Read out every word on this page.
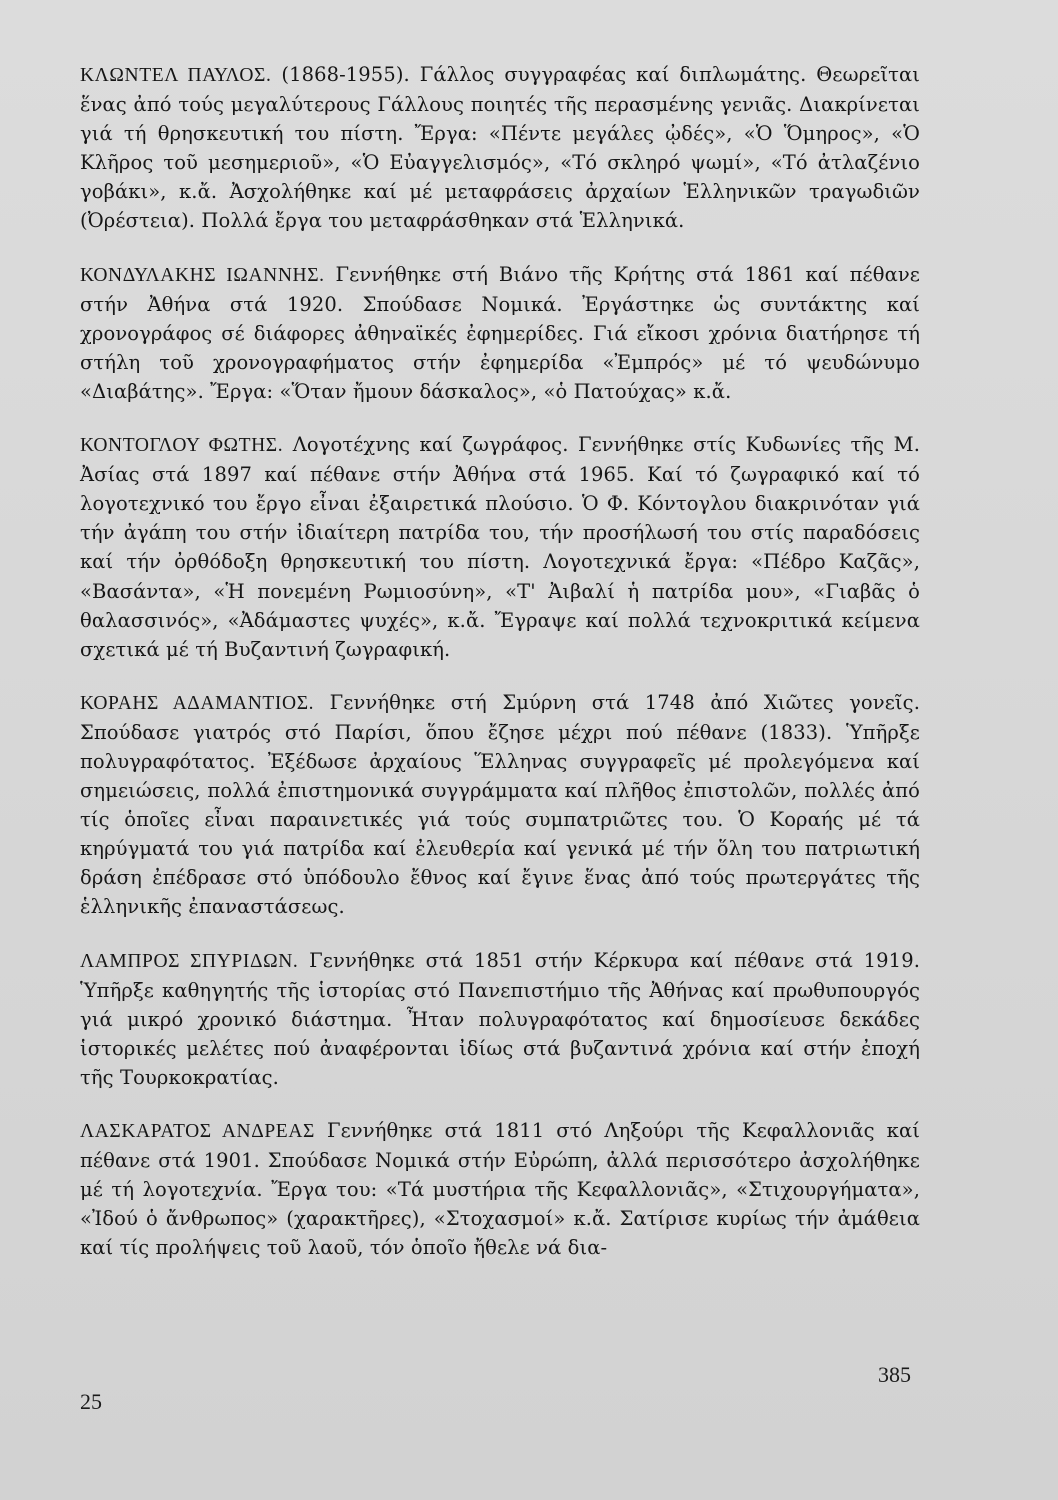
ΚΛΩΝΤΕΛ ΠΑΥΛΟΣ. (1868-1955). Γάλλος συγγραφέας καί διπλωμάτης. Θεωρεῖται ἕνας ἀπό τούς μεγαλύτερους Γάλλους ποιητές τῆς περασμένης γενιᾶς. Διακρίνεται γιά τή θρησκευτική του πίστη. Ἔργα: «Πέντε μεγάλες ᾠδές», «Ὁ Ὅμηρος», «Ὁ Κλῆρος τοῦ μεσημεριοῦ», «Ὁ Εὐαγγελισμός», «Τό σκληρό ψωμί», «Τό ἀτλαζένιο γοβάκι», κ.ἄ. Ἀσχολήθηκε καί μέ μεταφράσεις ἀρχαίων Ἑλληνικῶν τραγωδιῶν (Ὀρέστεια). Πολλά ἔργα του μεταφράσθηκαν στά Ἑλληνικά.

ΚΟΝΔΥΛΑΚΗΣ ΙΩΑΝΝΗΣ. Γεννήθηκε στή Βιάνο τῆς Κρήτης στά 1861 καί πέθανε στήν Ἀθήνα στά 1920. Σπούδασε Νομικά. Ἐργάστηκε ὡς συντάκτης καί χρονογράφος σέ διάφορες ἀθηναϊκές ἐφημερίδες. Γιά εἴκοσι χρόνια διατήρησε τή στήλη τοῦ χρονογραφήματος στήν ἐφημερίδα «Ἐμπρός» μέ τό ψευδώνυμο «Διαβάτης». Ἔργα: «Ὅταν ἤμουν δάσκαλος», «ὁ Πατούχας» κ.ἄ.

ΚΟΝΤΟΓΛΟΥ ΦΩΤΗΣ. Λογοτέχνης καί ζωγράφος. Γεννήθηκε στίς Κυδωνίες τῆς Μ. Ἀσίας στά 1897 καί πέθανε στήν Ἀθήνα στά 1965. Καί τό ζωγραφικό καί τό λογοτεχνικό του ἔργο εἶναι ἐξαιρετικά πλούσιο. Ὁ Φ. Κόντογλου διακρινόταν γιά τήν ἀγάπη του στήν ἰδιαίτερη πατρίδα του, τήν προσήλωσή του στίς παραδόσεις καί τήν ὀρθόδοξη θρησκευτική του πίστη. Λογοτεχνικά ἔργα: «Πέδρο Καζᾶς», «Βασάντα», «Ἡ πονεμένη Ρωμιοσύνη», «Τ' Ἀιβαλί ἡ πατρίδα μου», «Γιαβᾶς ὁ θαλασσινός», «Ἀδάμαστες ψυχές», κ.ἄ. Ἔγραψε καί πολλά τεχνοκριτικά κείμενα σχετικά μέ τή Βυζαντινή ζωγραφική.

ΚΟΡΑΗΣ ΑΔΑΜΑΝΤΙΟΣ. Γεννήθηκε στή Σμύρνη στά 1748 ἀπό Χιῶτες γονεῖς. Σπούδασε γιατρός στό Παρίσι, ὅπου ἔζησε μέχρι πού πέθανε (1833). Ὑπῆρξε πολυγραφότατος. Ἐξέδωσε ἀρχαίους Ἕλληνας συγγραφεῖς μέ προλεγόμενα καί σημειώσεις, πολλά ἐπιστημονικά συγγράμματα καί πλῆθος ἐπιστολῶν, πολλές ἀπό τίς ὁποῖες εἶναι παραινετικές γιά τούς συμπατριῶτες του. Ὁ Κοραής μέ τά κηρύγματά του γιά πατρίδα καί ἐλευθερία καί γενικά μέ τήν ὅλη του πατριωτική δράση ἐπέδρασε στό ὑπόδουλο ἔθνος καί ἔγινε ἕνας ἀπό τούς πρωτεργάτες τῆς ἑλληνικῆς ἐπαναστάσεως.

ΛΑΜΠΡΟΣ ΣΠΥΡΙΔΩΝ. Γεννήθηκε στά 1851 στήν Κέρκυρα καί πέθανε στά 1919. Ὑπῆρξε καθηγητής τῆς ἱστορίας στό Πανεπιστήμιο τῆς Ἀθήνας καί πρωθυπουργός γιά μικρό χρονικό διάστημα. Ἦταν πολυγραφότατος καί δημοσίευσε δεκάδες ἱστορικές μελέτες πού ἀναφέρονται ἰδίως στά βυζαντινά χρόνια καί στήν ἐποχή τῆς Τουρκοκρατίας.

ΛΑΣΚΑΡΑΤΟΣ ΑΝΔΡΕΑΣ Γεννήθηκε στά 1811 στό Ληξούρι τῆς Κεφαλλονιᾶς καί πέθανε στά 1901. Σπούδασε Νομικά στήν Εὐρώπη, ἀλλά περισσότερο ἀσχολήθηκε μέ τή λογοτεχνία. Ἔργα του: «Τά μυστήρια τῆς Κεφαλλονιᾶς», «Στιχουργήματα», «Ἰδού ὁ ἄνθρωπος» (χαρακτῆρες), «Στοχασμοί» κ.ἄ. Σατίρισε κυρίως τήν ἀμάθεια καί τίς προλήψεις τοῦ λαοῦ, τόν ὁποῖο ἤθελε νά δια-

25
385
